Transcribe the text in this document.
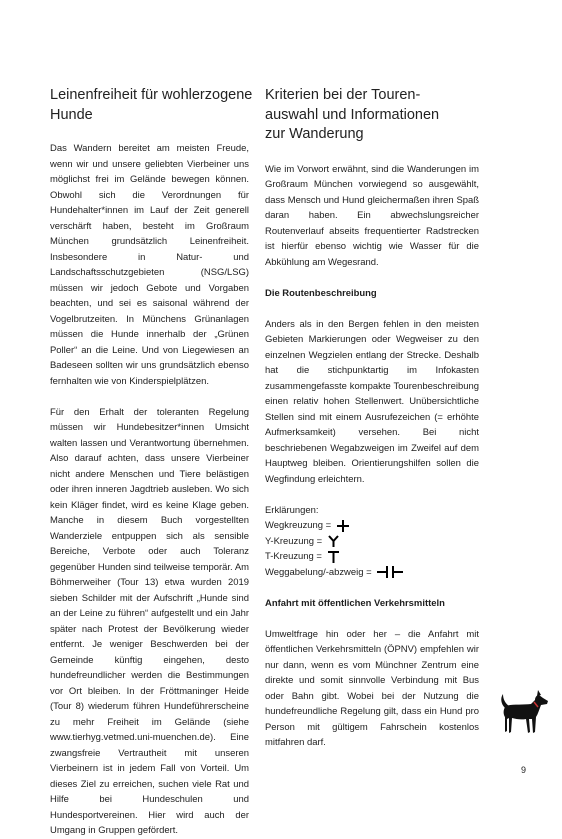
Leinenfreiheit für wohlerzogene
Hunde

Das Wandern bereitet am meisten Freude, wenn wir und unsere geliebten Vierbeiner uns möglichst frei im Gelände bewegen können. Obwohl sich die Verordnungen für Hundehalter*innen im Lauf der Zeit generell verschärft haben, besteht im Großraum München grundsätzlich Leinenfreiheit. Insbesondere in Natur- und Landschaftsschutzgebieten (NSG/LSG) müssen wir jedoch Gebote und Vorgaben beachten, und sei es saisonal während der Vogelbrutzeiten. In Münchens Grünanlagen müssen die Hunde innerhalb der „Grünen Poller“ an die Leine. Und von Liegewiesen an Badeseen sollten wir uns grundsätzlich ebenso fernhalten wie von Kinderspielplätzen.

Für den Erhalt der toleranten Regelung müssen wir Hundebesitzer*innen Umsicht walten lassen und Verantwortung übernehmen. Also darauf achten, dass unsere Vierbeiner nicht andere Menschen und Tiere belästigen oder ihren inneren Jagdtrieb ausleben. Wo sich kein Kläger findet, wird es keine Klage geben. Manche in diesem Buch vorgestellten Wanderziele entpuppen sich als sensible Bereiche, Verbote oder auch Toleranz gegenüber Hunden sind teilweise temporär. Am Böhmerweiher (Tour 13) etwa wurden 2019 sieben Schilder mit der Aufschrift „Hunde sind an der Leine zu führen“ aufgestellt und ein Jahr später nach Protest der Bevölkerung wieder entfernt. Je weniger Beschwerden bei der Gemeinde künftig eingehen, desto hundefreundlicher werden die Bestimmungen vor Ort bleiben. In der Fröttmaninger Heide (Tour 8) wiederum führen Hundeführerscheine zu mehr Freiheit im Gelände (siehe www.tierhyg.vetmed.uni-muenchen.de). Eine zwangsfreie Vertrautheit mit unseren Vierbeinern ist in jedem Fall von Vorteil. Um dieses Ziel zu erreichen, suchen viele Rat und Hilfe bei Hundeschulen und Hundesportvereinen. Hier wird auch der Umgang in Gruppen gefördert.

Kriterien bei der Touren-
auswahl und Informationen
zur Wanderung

Wie im Vorwort erwähnt, sind die Wanderungen im Großraum München vorwiegend so ausgewählt, dass Mensch und Hund gleichermaßen ihren Spaß daran haben. Ein abwechslungsreicher Routenverlauf abseits frequentierter Radstrecken ist hierfür ebenso wichtig wie Wasser für die Abkühlung am Wegesrand.

Die Routenbeschreibung

Anders als in den Bergen fehlen in den meisten Gebieten Markierungen oder Wegweiser zu den einzelnen Wegzielen entlang der Strecke. Deshalb hat die stichpunktartig im Infokasten zusammengefasste kompakte Tourenbeschreibung einen relativ hohen Stellenwert. Unübersichtliche Stellen sind mit einem Ausrufezeichen (= erhöhte Aufmerksamkeit) versehen. Bei nicht beschriebenen Wegabzweigen im Zweifel auf dem Hauptweg bleiben. Orientierungshilfen sollen die Wegfindung erleichtern.

Erklärungen:
Wegkreuzung =
Y-Kreuzung =
T-Kreuzung =
Weggabelung/-abzweig =

Anfahrt mit öffentlichen Verkehrsmitteln

Umweltfrage hin oder her – die Anfahrt mit öffentlichen Verkehrsmitteln (ÖPNV) empfehlen wir nur dann, wenn es vom Münchner Zentrum eine direkte und somit sinnvolle Verbindung mit Bus oder Bahn gibt. Wobei bei der Nutzung die hundefreundliche Regelung gilt, dass ein Hund pro Person mit gültigem Fahrschein kostenlos mitfahren darf.

9
